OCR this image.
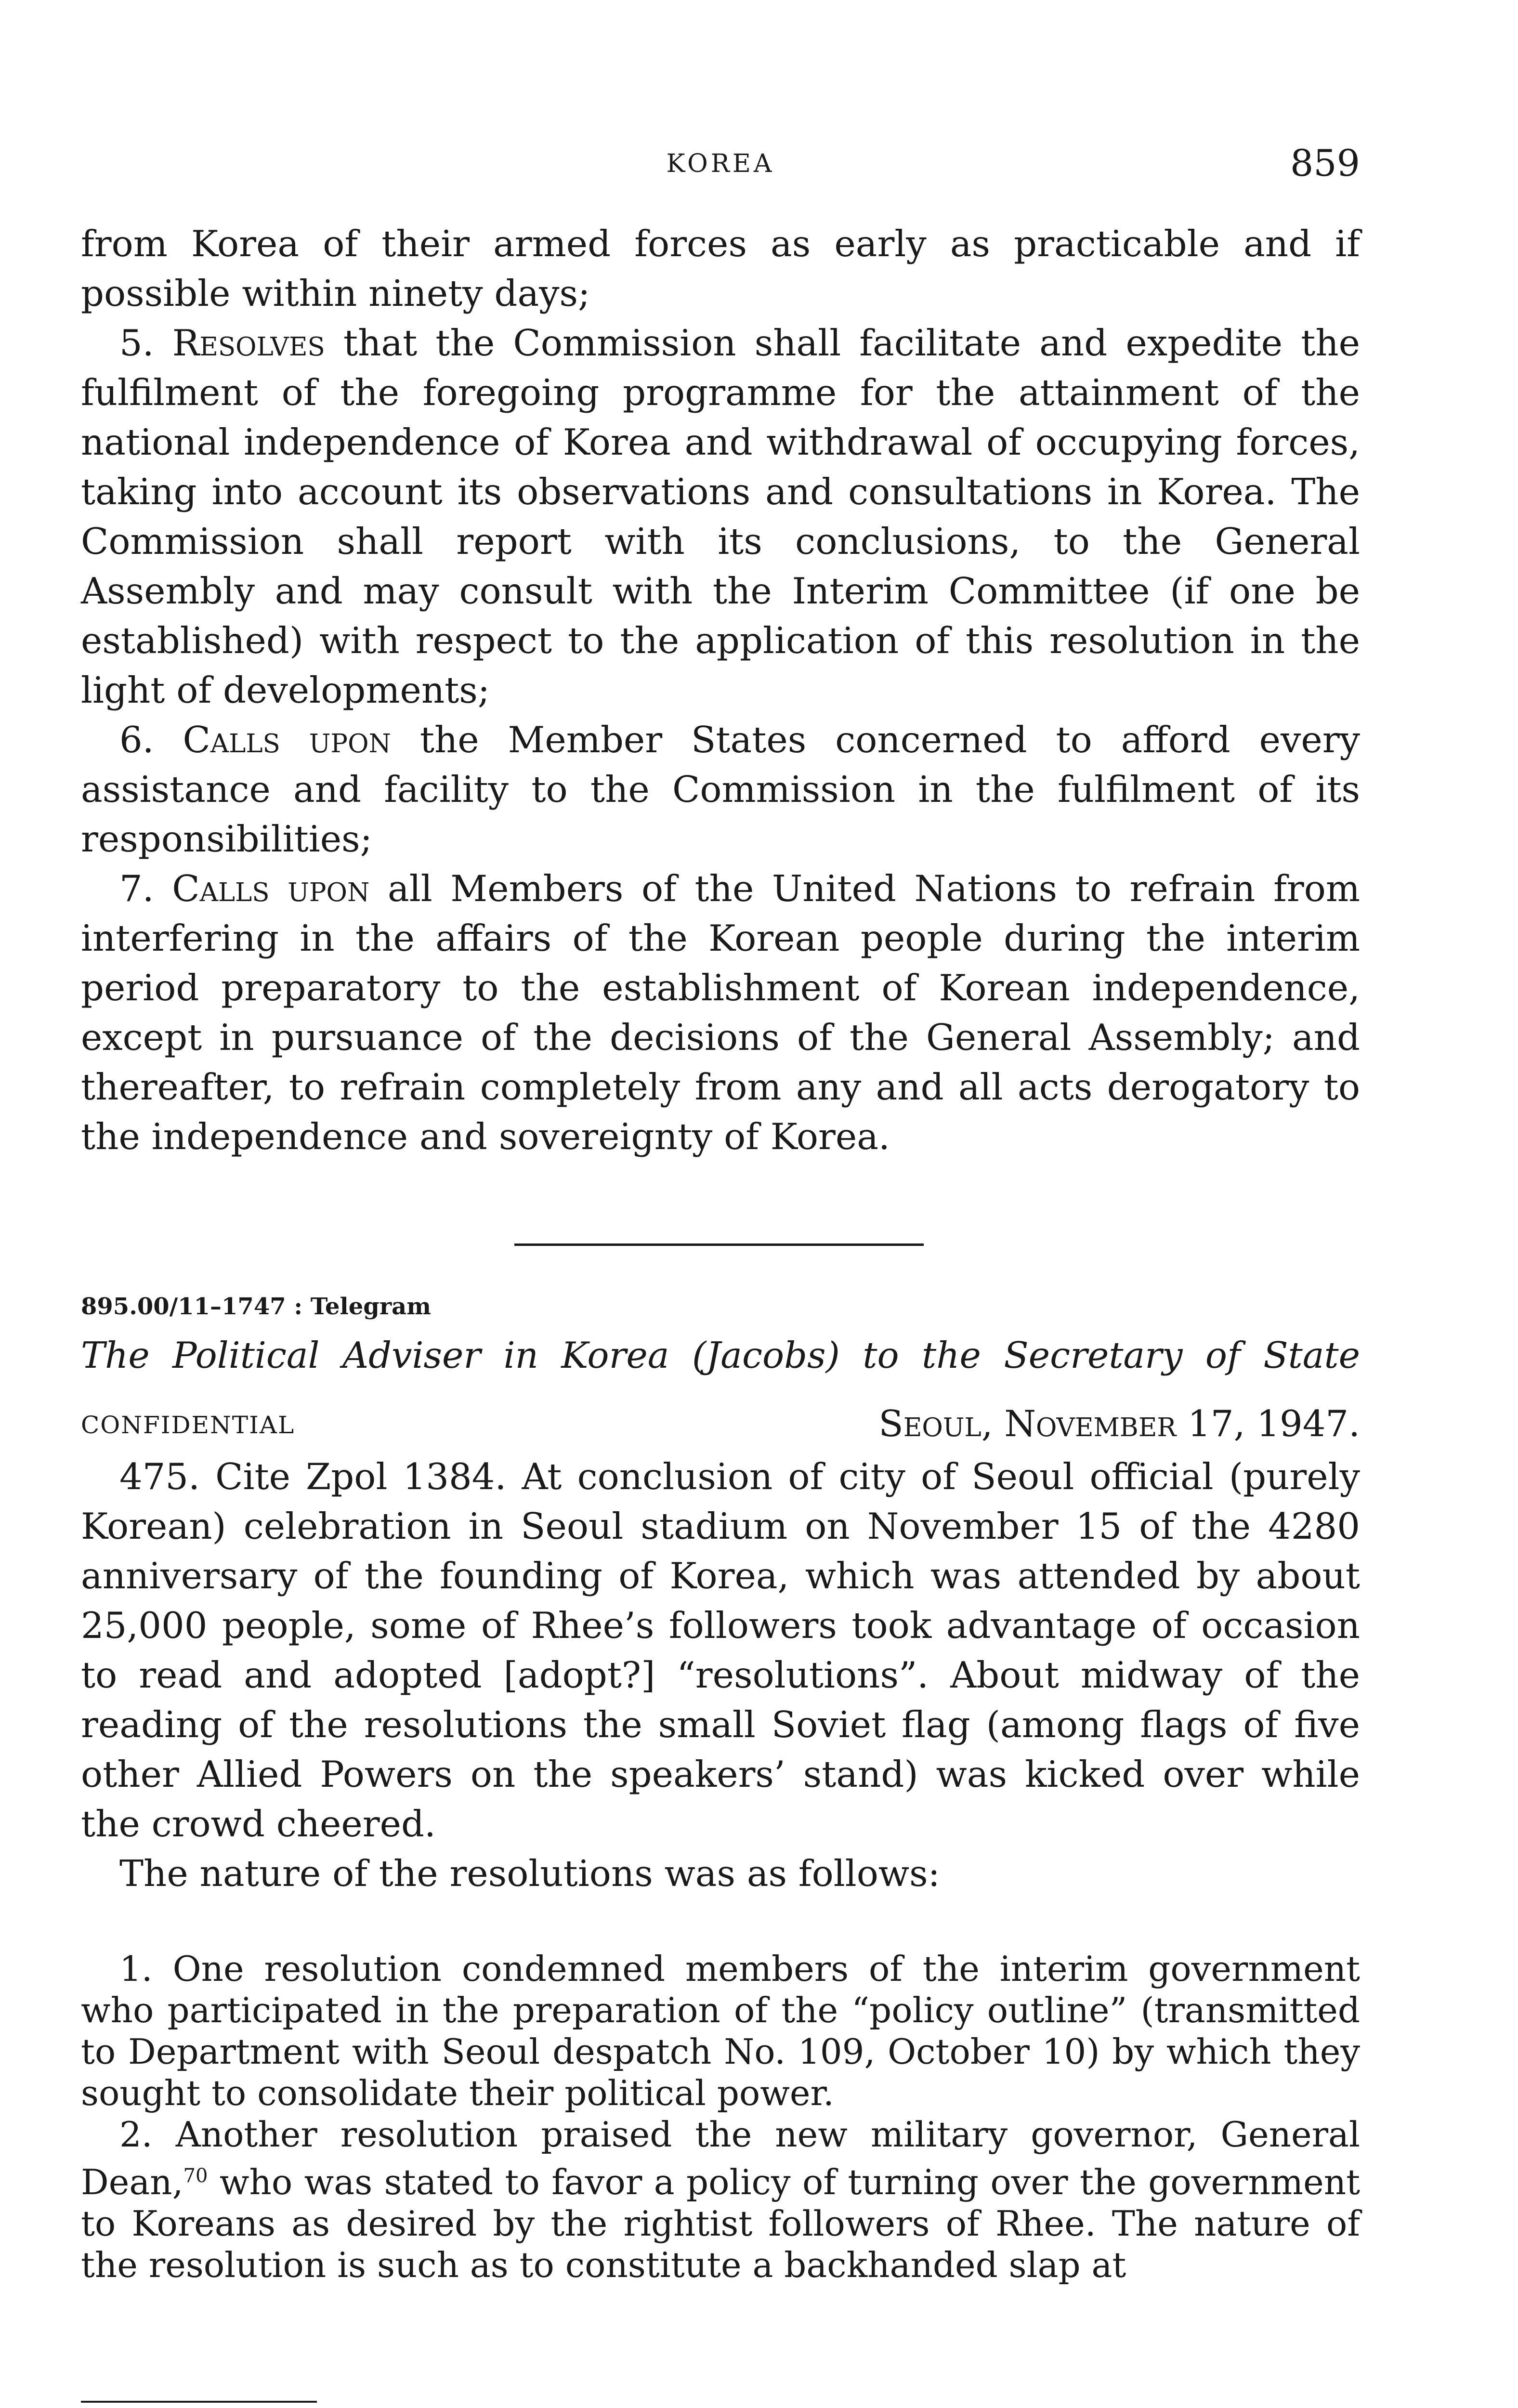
KOREA	859

from Korea of their armed forces as early as practicable and if possible within ninety days;

5. Resolves that the Commission shall facilitate and expedite the fulfilment of the foregoing programme for the attainment of the national independence of Korea and withdrawal of occupying forces, taking into account its observations and consultations in Korea. The Commission shall report with its conclusions, to the General Assembly and may consult with the Interim Committee (if one be established) with respect to the application of this resolution in the light of developments;

6. Calls upon the Member States concerned to afford every assistance and facility to the Commission in the fulfilment of its responsibilities;

7. Calls upon all Members of the United Nations to refrain from interfering in the affairs of the Korean people during the interim period preparatory to the establishment of Korean independence, except in pursuance of the decisions of the General Assembly; and thereafter, to refrain completely from any and all acts derogatory to the independence and sovereignty of Korea.

895.00/11–1747 : Telegram
The Political Adviser in Korea (Jacobs) to the Secretary of State
CONFIDENTIAL	Seoul, November 17, 1947.

475. Cite Zpol 1384. At conclusion of city of Seoul official (purely Korean) celebration in Seoul stadium on November 15 of the 4280 anniversary of the founding of Korea, which was attended by about 25,000 people, some of Rhee’s followers took advantage of occasion to read and adopted [adopt?] “resolutions”. About midway of the reading of the resolutions the small Soviet flag (among flags of five other Allied Powers on the speakers’ stand) was kicked over while the crowd cheered.

The nature of the resolutions was as follows:

1. One resolution condemned members of the interim government who participated in the preparation of the “policy outline” (transmitted to Department with Seoul despatch No. 109, October 10) by which they sought to consolidate their political power.

2. Another resolution praised the new military governor, General Dean,$^{70}$ who was stated to favor a policy of turning over the government to Koreans as desired by the rightist followers of Rhee. The nature of the resolution is such as to constitute a backhanded slap at
